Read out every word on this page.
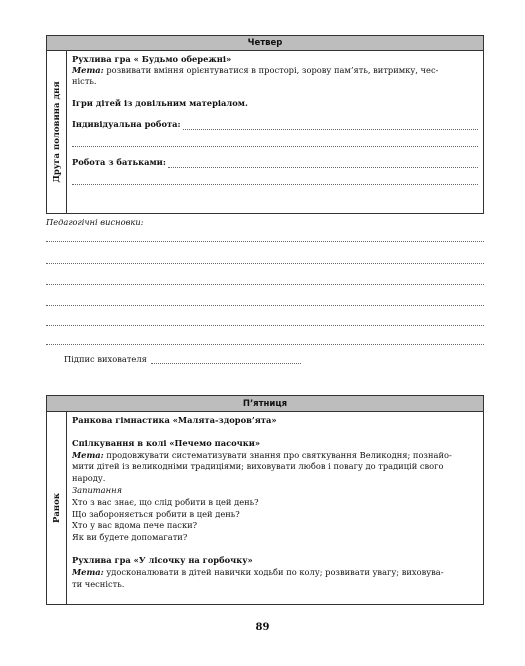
Четвер
Друга половина дня
Рухлива гра « Будьмо обережні»
Мета: розвивати вміння орієнтуватися в просторі, зорову пам’ять, витримку, чес-
ність.
Ігри дітей із довільним матеріалом.
Індивідуальна робота:
Робота з батьками:
Педагогічні висновки:
Підпис вихователя
П’ятниця
Ранок
Ранкова гімнастика «Малята-здоров’ята»
Спілкування в колі «Печемо пасочки»
Мета: продовжувати систематизувати знання про святкування Великодня; познайо-
мити дітей із великодніми традиціями; виховувати любов і повагу до традицій свого
народу.
Запитання
Хто з вас знає, що слід робити в цей день?
Що забороняється робити в цей день?
Хто у вас вдома пече паски?
Як ви будете допомагати?
Рухлива гра «У лісочку на горбочку»
Мета: удосконалювати в дітей навички ходьби по колу; розвивати увагу; виховува-
ти чесність.
89
